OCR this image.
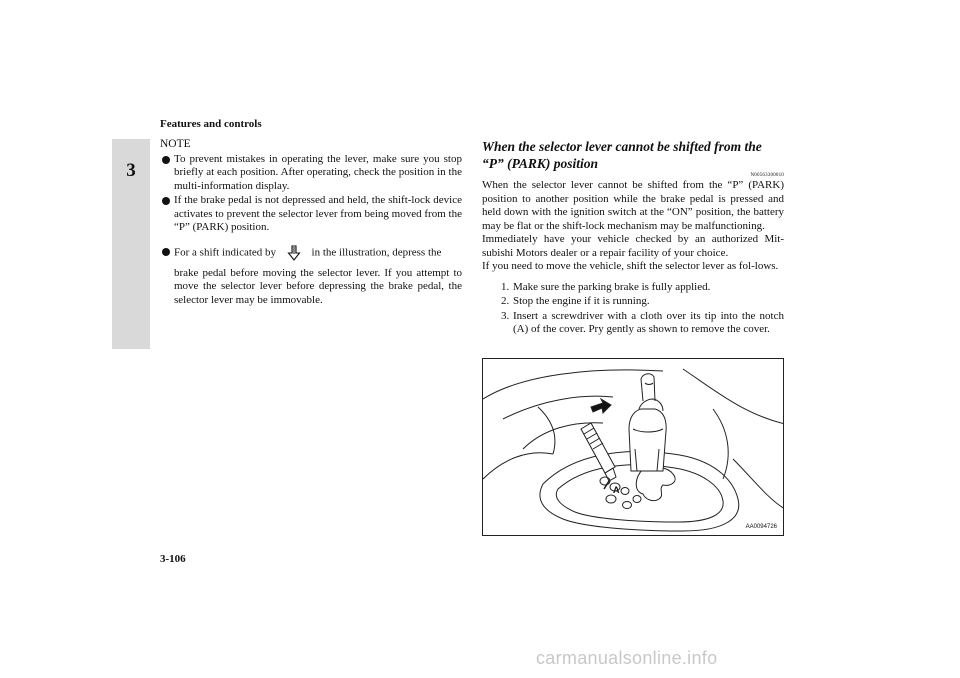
Features and controls
3
NOTE
To prevent mistakes in operating the lever, make sure you stop briefly at each position. After operating, check the position in the multi-information display.
If the brake pedal is not depressed and held, the shift-lock device activates to prevent the selector lever from being moved from the “P” (PARK) position.
For a shift indicated by	in the illustration, depress the
brake pedal before moving the selector lever. If you attempt to move the selector lever before depressing the brake pedal, the selector lever may be immovable.
When the selector lever cannot be shifted from the “P” (PARK) position
N00563300010
When the selector lever cannot be shifted from the “P” (PARK) position to another position while the brake pedal is pressed and held down with the ignition switch at the “ON” position, the battery may be flat or the shift-lock mechanism may be malfunctioning.
Immediately have your vehicle checked by an authorized Mit-subishi Motors dealer or a repair facility of your choice.
If you need to move the vehicle, shift the selector lever as fol-lows.
1. Make sure the parking brake is fully applied.
2. Stop the engine if it is running.
3. Insert a screwdriver with a cloth over its tip into the notch (A) of the cover. Pry gently as shown to remove the cover.
A
AA0094726
3-106
carmanualsonline.info
